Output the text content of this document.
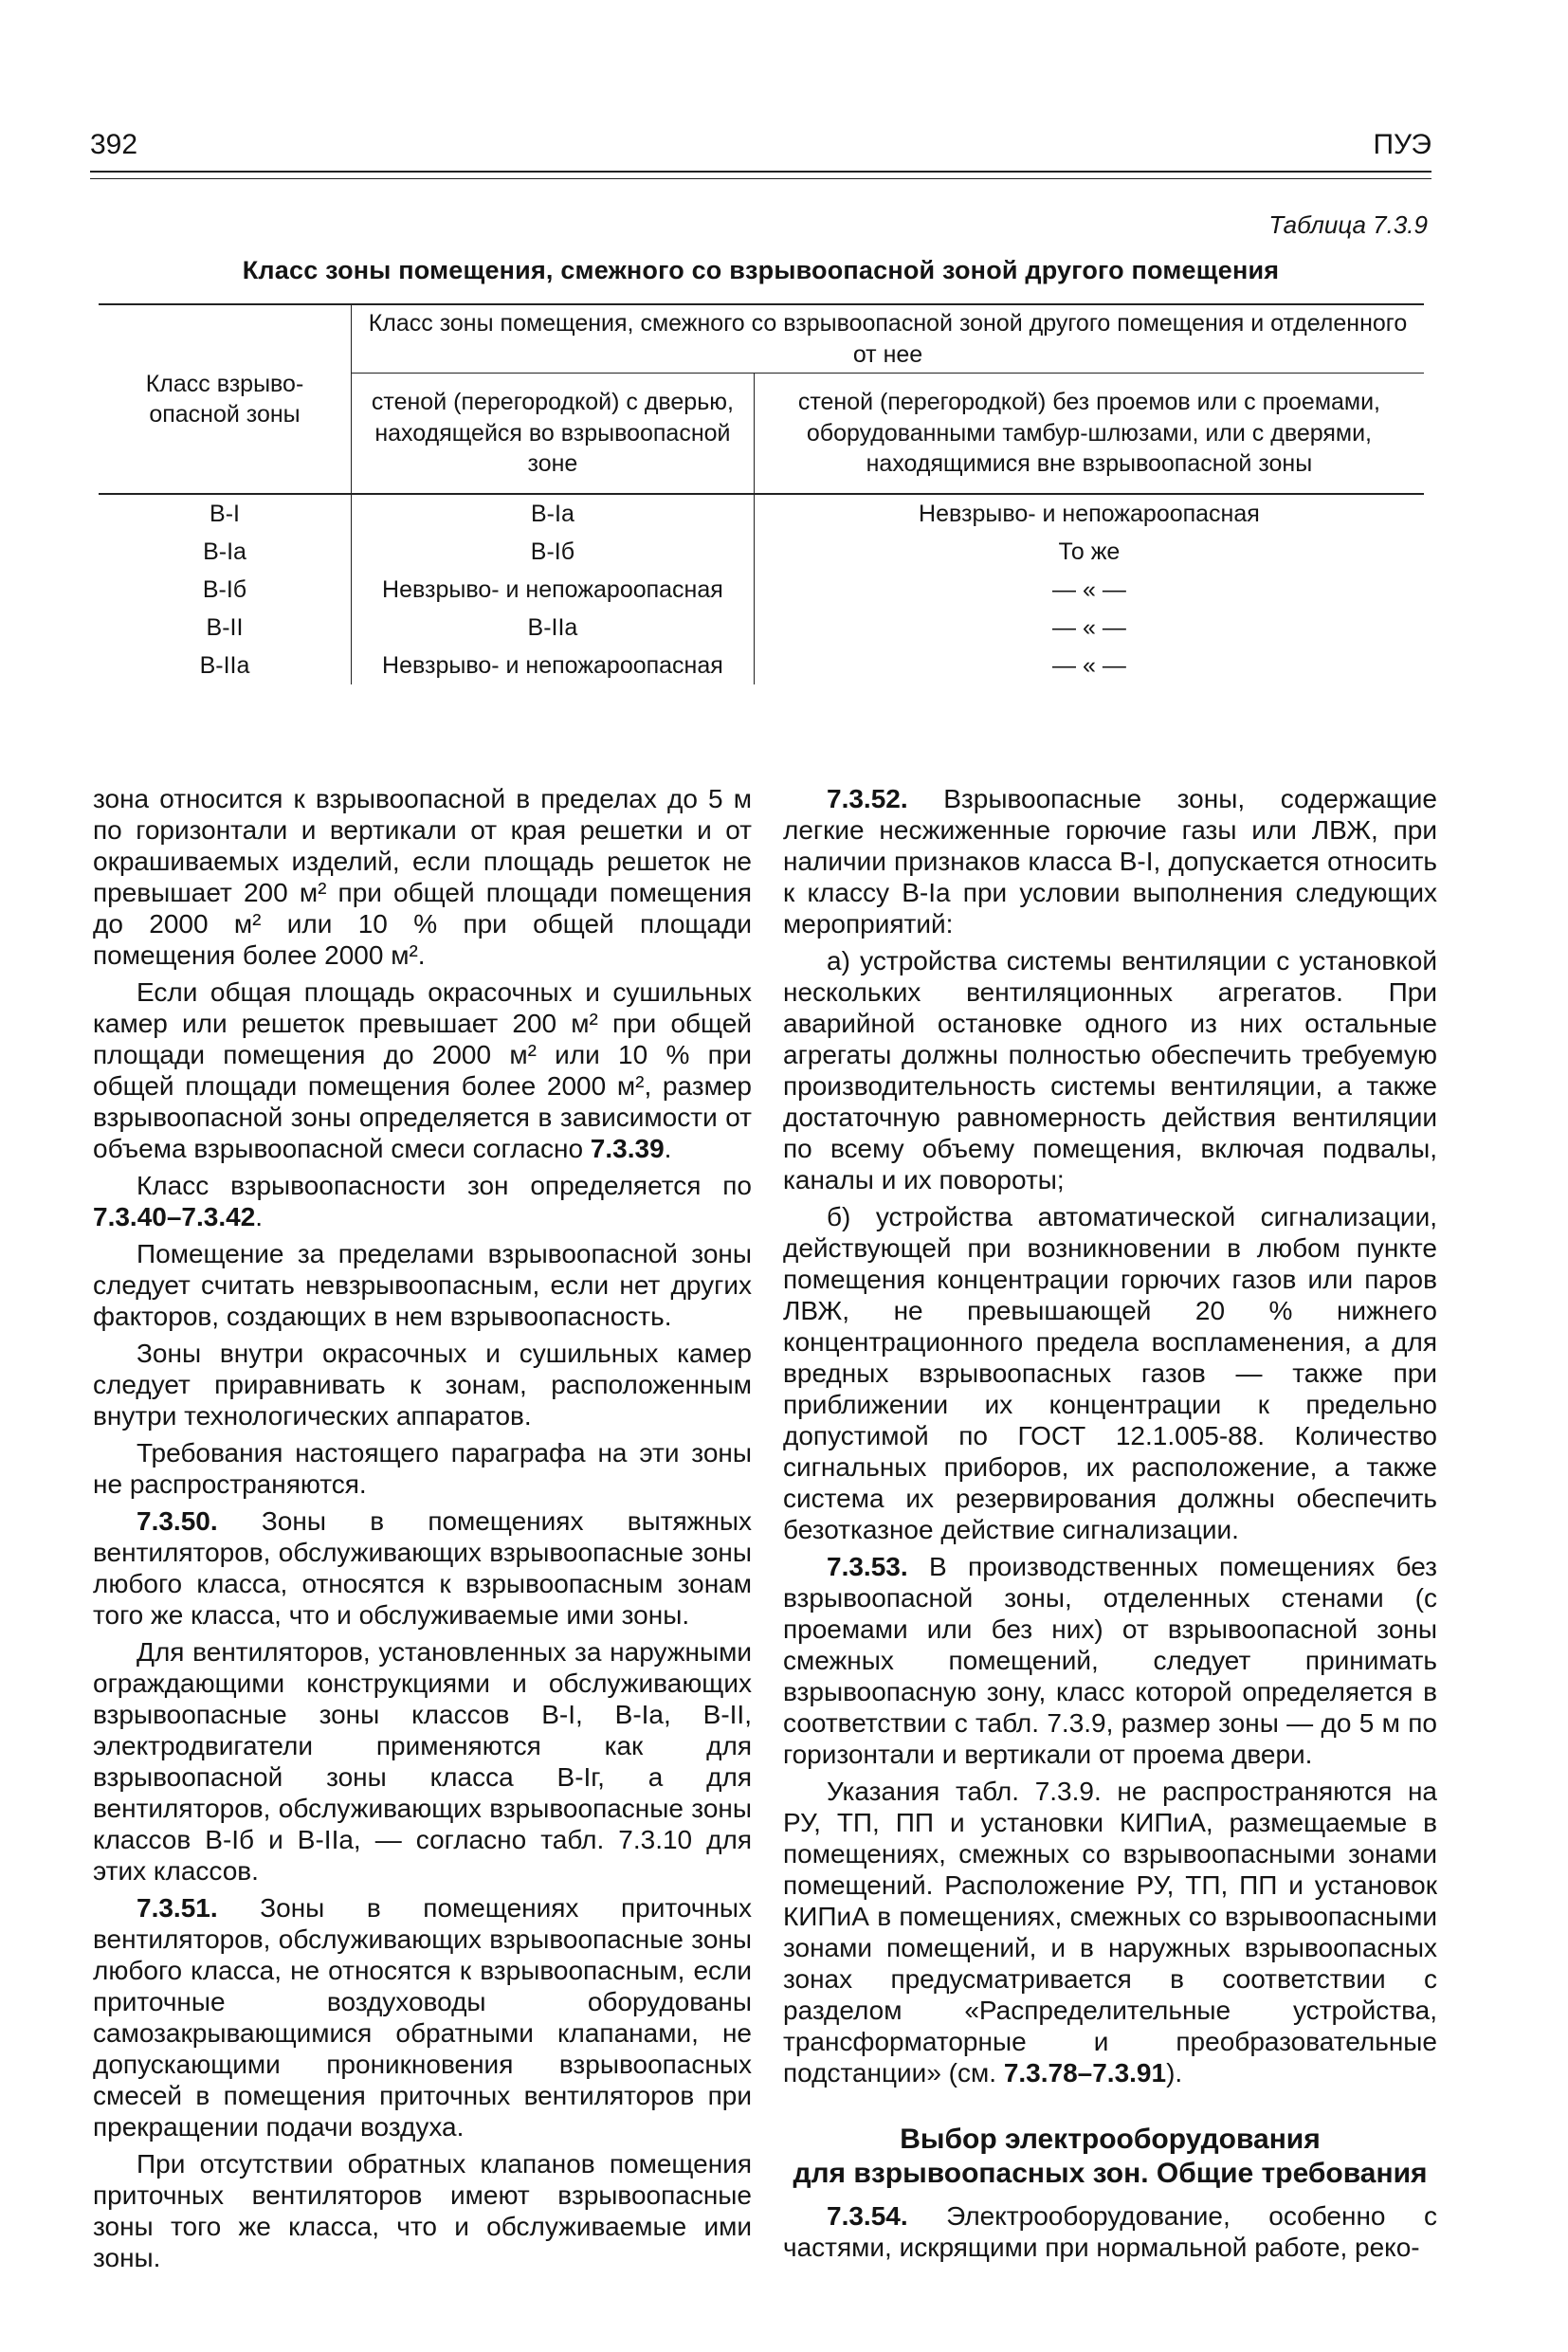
392	ПУЭ
Таблица 7.3.9
Класс зоны помещения, смежного со взрывоопасной зоной другого помещения
Класс взрыво-опасной зоны	Класс зоны помещения, смежного со взрывоопасной зоной другого помещения и отделенного от нее	
	стеной (перегородкой) с дверью, находящейся во взрывоопасной зоне	стеной (перегородкой) без проемов или с проемами, оборудованными тамбур-шлюзами, или с дверями, находящимися вне взрывоопасной зоны
В-I	В-Ia	Невзрыво- и непожароопасная
В-Ia	В-Iб	То же
В-Iб	Невзрыво- и непожароопасная	— « —
В-II	В-IIa	— « —
В-IIa	Невзрыво- и непожароопасная	— « —

зона относится к взрывоопасной в пределах до 5 м по горизонтали и вертикали от края решетки и от окрашиваемых изделий, если площадь решеток не превышает 200 м² при общей площади помещения до 2000 м² или 10 % при общей площади помещения более 2000 м².

Если общая площадь окрасочных и сушильных камер или решеток превышает 200 м² при общей площади помещения до 2000 м² или 10 % при общей площади помещения более 2000 м², размер взрывоопасной зоны определяется в зависимости от объема взрывоопасной смеси согласно 7.3.39.

Класс взрывоопасности зон определяется по 7.3.40–7.3.42.

Помещение за пределами взрывоопасной зоны следует считать невзрывоопасным, если нет других факторов, создающих в нем взрывоопасность.

Зоны внутри окрасочных и сушильных камер следует приравнивать к зонам, расположенным внутри технологических аппаратов.

Требования настоящего параграфа на эти зоны не распространяются.

7.3.50. Зоны в помещениях вытяжных вентиляторов, обслуживающих взрывоопасные зоны любого класса, относятся к взрывоопасным зонам того же класса, что и обслуживаемые ими зоны.

Для вентиляторов, установленных за наружными ограждающими конструкциями и обслуживающих взрывоопасные зоны классов В-I, В-Ia, В-II, электродвигатели применяются как для взрывоопасной зоны класса В-Iг, а для вентиляторов, обслуживающих взрывоопасные зоны классов В-Iб и В-IIa, — согласно табл. 7.3.10 для этих классов.

7.3.51. Зоны в помещениях приточных вентиляторов, обслуживающих взрывоопасные зоны любого класса, не относятся к взрывоопасным, если приточные воздуховоды оборудованы самозакрывающимися обратными клапанами, не допускающими проникновения взрывоопасных смесей в помещения приточных вентиляторов при прекращении подачи воздуха.

При отсутствии обратных клапанов помещения приточных вентиляторов имеют взрывоопасные зоны того же класса, что и обслуживаемые ими зоны.

7.3.52. Взрывоопасные зоны, содержащие легкие несжиженные горючие газы или ЛВЖ, при наличии признаков класса В-I, допускается относить к классу В-Ia при условии выполнения следующих мероприятий:

а) устройства системы вентиляции с установкой нескольких вентиляционных агрегатов. При аварийной остановке одного из них остальные агрегаты должны полностью обеспечить требуемую производительность системы вентиляции, а также достаточную равномерность действия вентиляции по всему объему помещения, включая подвалы, каналы и их повороты;

б) устройства автоматической сигнализации, действующей при возникновении в любом пункте помещения концентрации горючих газов или паров ЛВЖ, не превышающей 20 % нижнего концентрационного предела воспламенения, а для вредных взрывоопасных газов — также при приближении их концентрации к предельно допустимой по ГОСТ 12.1.005-88. Количество сигнальных приборов, их расположение, а также система их резервирования должны обеспечить безотказное действие сигнализации.

7.3.53. В производственных помещениях без взрывоопасной зоны, отделенных стенами (с проемами или без них) от взрывоопасной зоны смежных помещений, следует принимать взрывоопасную зону, класс которой определяется в соответствии с табл. 7.3.9, размер зоны — до 5 м по горизонтали и вертикали от проема двери.

Указания табл. 7.3.9. не распространяются на РУ, ТП, ПП и установки КИПиА, размещаемые в помещениях, смежных со взрывоопасными зонами помещений. Расположение РУ, ТП, ПП и установок КИПиА в помещениях, смежных со взрывоопасными зонами помещений, и в наружных взрывоопасных зонах предусматривается в соответствии с разделом «Распределительные устройства, трансформаторные и преобразовательные подстанции» (см. 7.3.78–7.3.91).

Выбор электрооборудования
для взрывоопасных зон. Общие требования

7.3.54. Электрооборудование, особенно с частями, искрящими при нормальной работе, реко-
